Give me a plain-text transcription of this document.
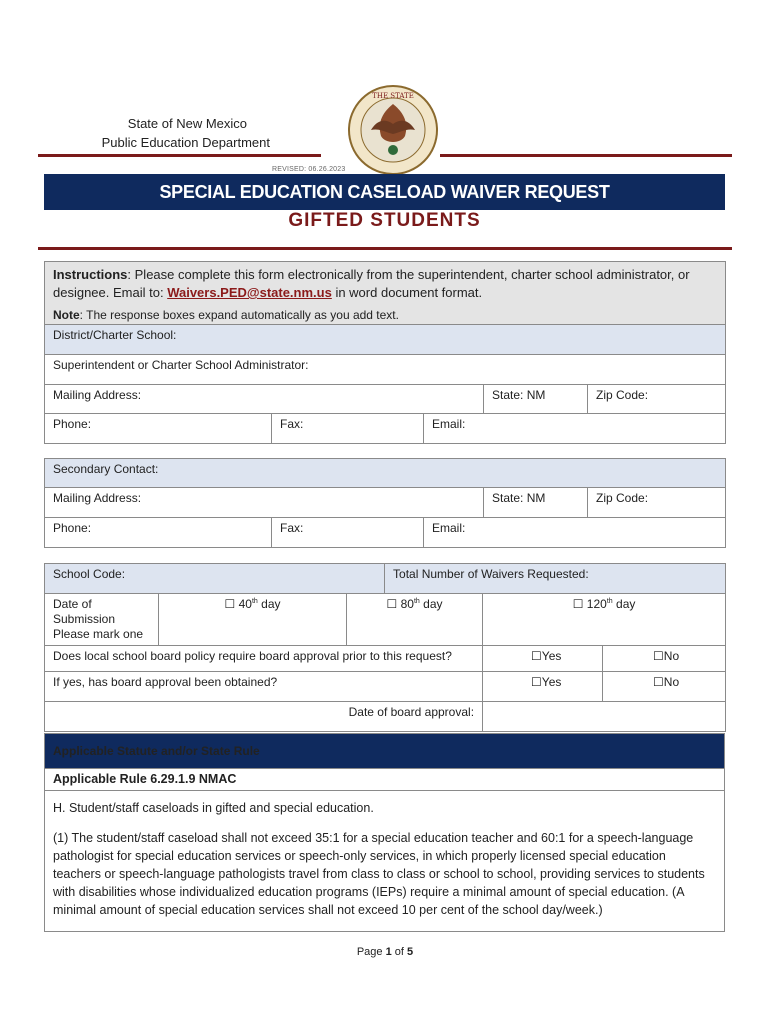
State of New Mexico
Public Education Department
THE STATE
REVISED: 06.26.2023
SPECIAL EDUCATION CASELOAD WAIVER REQUEST
GIFTED STUDENTS
Instructions: Please complete this form electronically from the superintendent, charter school administrator, or designee. Email to: Waivers.PED@state.nm.us in word document format.
Note: The response boxes expand automatically as you add text.				

District/Charter School:				
Superintendent or Charter School Administrator:				
Mailing Address:			State: NM	Zip Code:
Phone:	Fax:	Email:		
Secondary Contact:				
Mailing Address:			State: NM	Zip Code:
Phone:	Fax:	Email:		
School Code:			Total Number of Waivers Requested:		

Date of Submission
Please mark one	☐ 40th day	☐ 80th day		☐ 120th day	
Does local school board policy require board approval prior to this request?				☐Yes	☐No
If yes, has board approval been obtained?				☐Yes	☐No
Date of board approval:					
Applicable Statute and/or State Rule
Applicable Rule 6.29.1.9 NMAC

H. Student/staff caseloads in gifted and special education.

(1) The student/staff caseload shall not exceed 35:1 for a special education teacher and 60:1 for a speech-language pathologist for special education services or speech-only services, in which properly licensed special education teachers or speech-language pathologists travel from class to class or school to school, providing services to students with disabilities whose individualized education programs (IEPs) require a minimal amount of special education. (A minimal amount of special education services shall not exceed 10 per cent of the school day/week.)

Page 1 of 5
